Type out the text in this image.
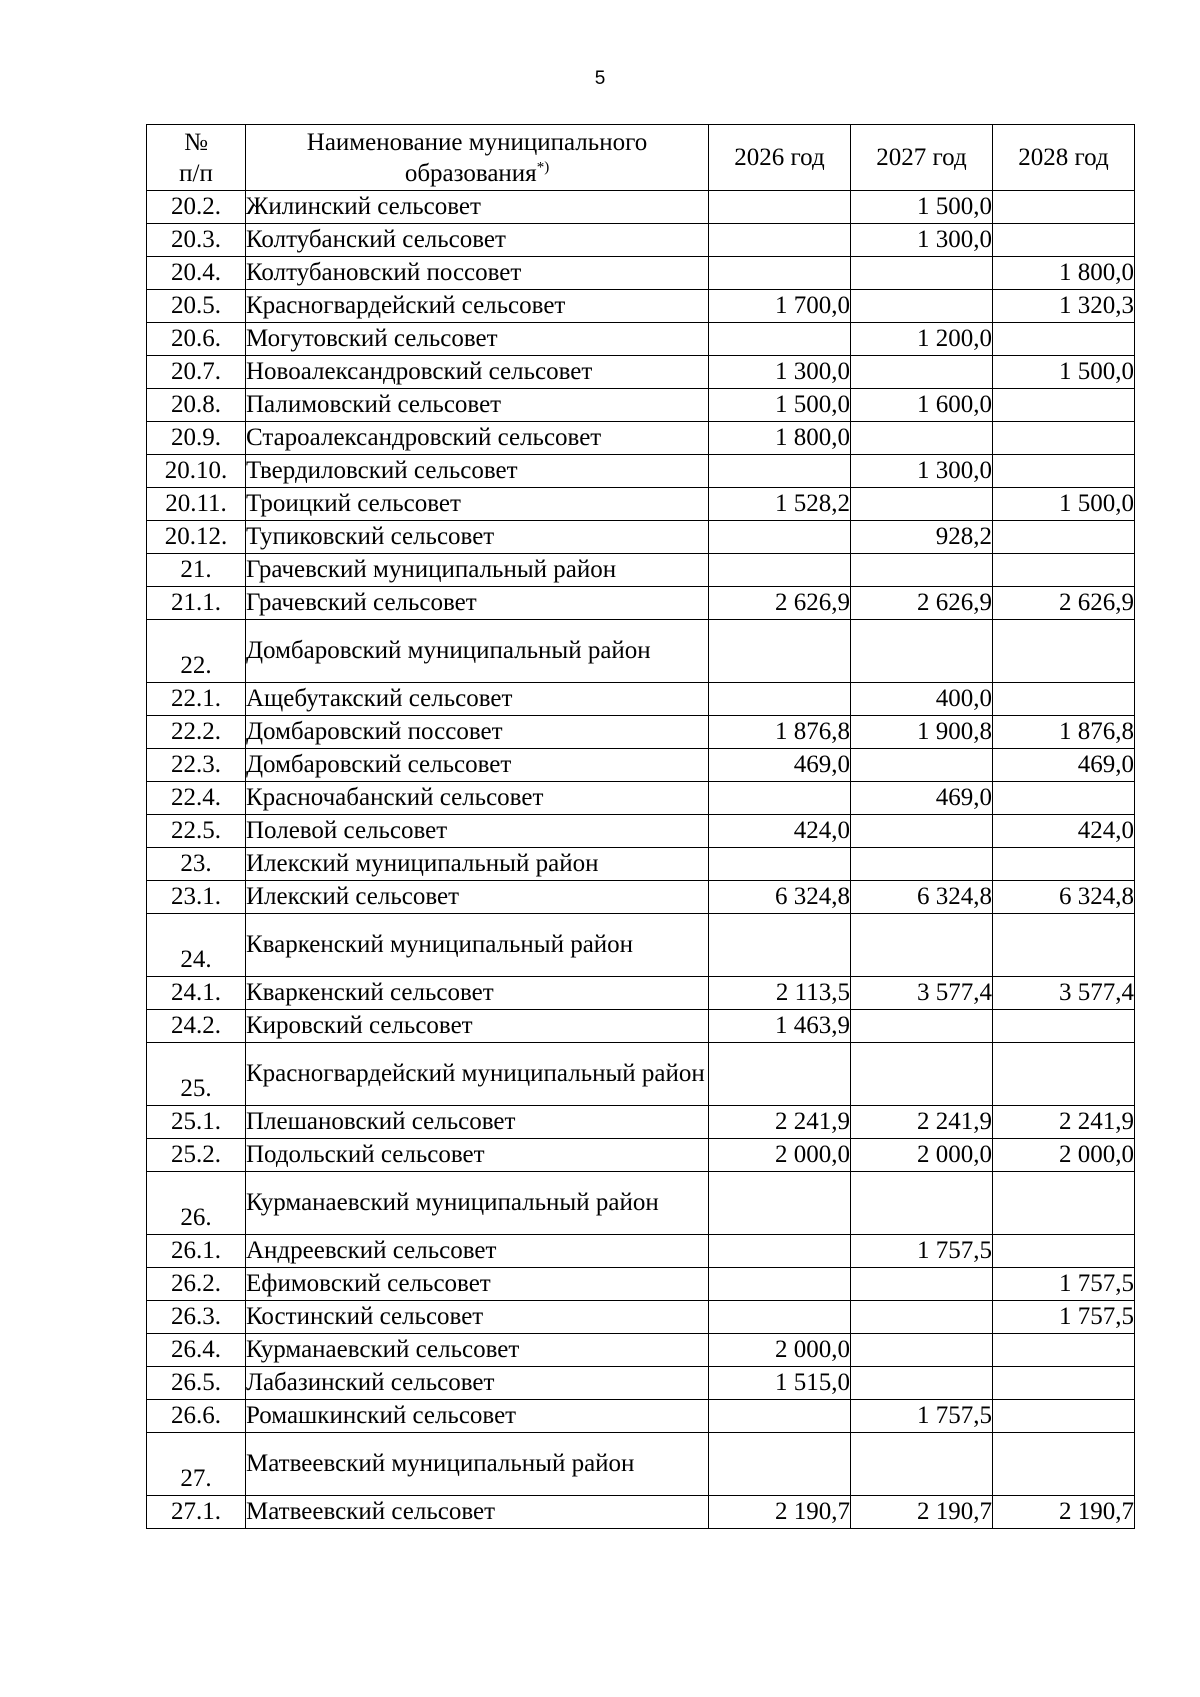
5
№
п/п	Наименование муниципального образования*)	2026 год	2027 год	2028 год
20.2.	Жилинский сельсовет		1 500,0	
20.3.	Колтубанский сельсовет		1 300,0	
20.4.	Колтубановский поссовет			1 800,0
20.5.	Красногвардейский сельсовет	1 700,0		1 320,3
20.6.	Могутовский сельсовет		1 200,0	
20.7.	Новоалександровский сельсовет	1 300,0		1 500,0
20.8.	Палимовский сельсовет	1 500,0	1 600,0	
20.9.	Староалександровский сельсовет	1 800,0		
20.10.	Твердиловский сельсовет		1 300,0	
20.11.	Троицкий сельсовет	1 528,2		1 500,0
20.12.	Тупиковский сельсовет		928,2	
21.	Грачевский муниципальный район			
21.1.	Грачевский сельсовет	2 626,9	2 626,9	2 626,9
22.	Домбаровский муниципальный район			
22.1.	Ащебутакский сельсовет		400,0	
22.2.	Домбаровский поссовет	1 876,8	1 900,8	1 876,8
22.3.	Домбаровский сельсовет	469,0		469,0
22.4.	Красночабанский сельсовет		469,0	
22.5.	Полевой сельсовет	424,0		424,0
23.	Илекский муниципальный район			
23.1.	Илекский сельсовет	6 324,8	6 324,8	6 324,8
24.	Кваркенский муниципальный район			
24.1.	Кваркенский сельсовет	2 113,5	3 577,4	3 577,4
24.2.	Кировский сельсовет	1 463,9		
25.	Красногвардейский муниципальный район			
25.1.	Плешановский сельсовет	2 241,9	2 241,9	2 241,9
25.2.	Подольский сельсовет	2 000,0	2 000,0	2 000,0
26.	Курманаевский муниципальный район			
26.1.	Андреевский сельсовет		1 757,5	
26.2.	Ефимовский сельсовет			1 757,5
26.3.	Костинский сельсовет			1 757,5
26.4.	Курманаевский сельсовет	2 000,0		
26.5.	Лабазинский сельсовет	1 515,0		
26.6.	Ромашкинский сельсовет		1 757,5	
27.	Матвеевский муниципальный район			
27.1.	Матвеевский сельсовет	2 190,7	2 190,7	2 190,7
